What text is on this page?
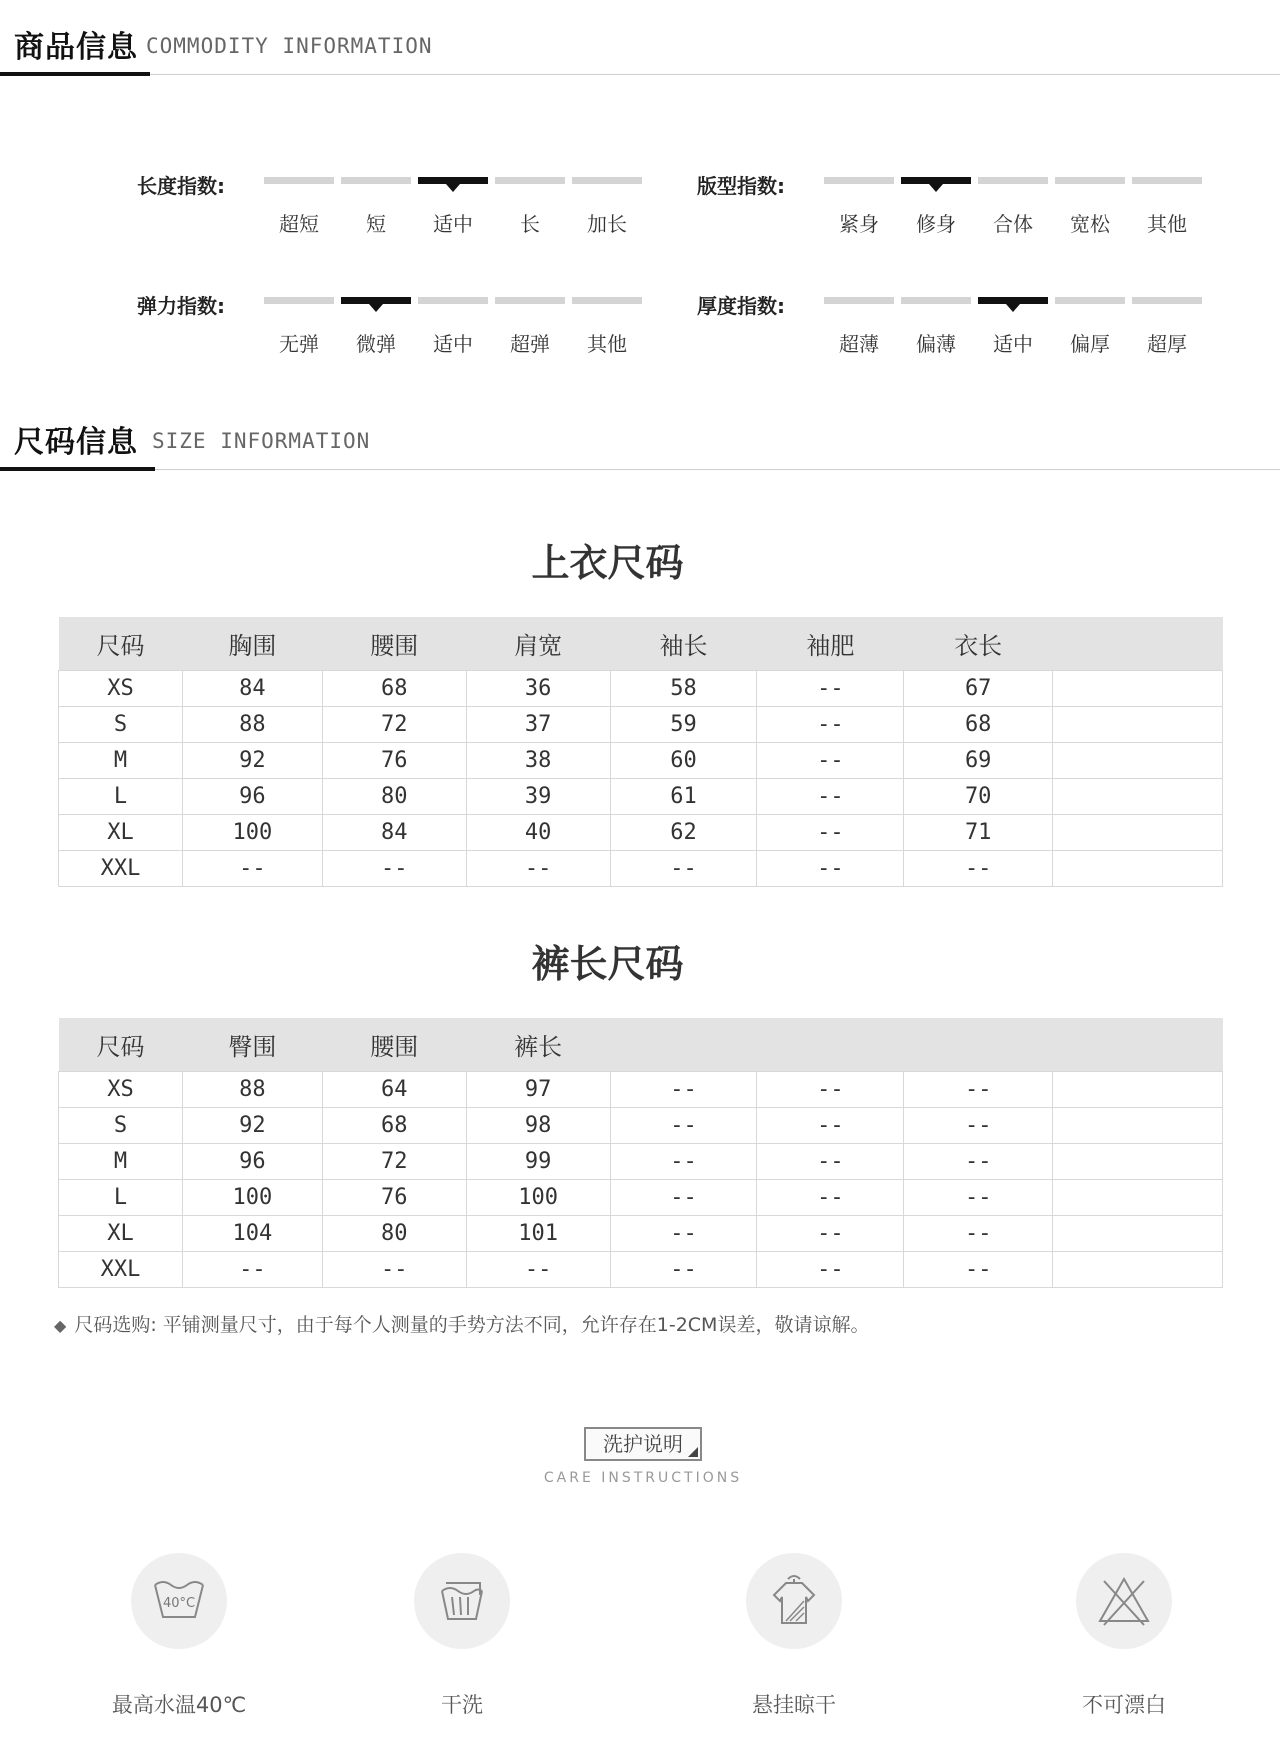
商品信息 COMMODITY INFORMATION
长度指数:
超短	短	适中	长	加长
版型指数:
紧身	修身	合体	宽松	其他
弹力指数:
无弹	微弹	适中	超弹	其他
厚度指数:
超薄	偏薄	适中	偏厚	超厚
尺码信息 SIZE INFORMATION
上衣尺码
尺码	胸围	腰围	肩宽	袖长	袖肥	衣长	
XS	84	68	36	58	--	67	
S	88	72	37	59	--	68	
M	92	76	38	60	--	69	
L	96	80	39	61	--	70	
XL	100	84	40	62	--	71	
XXL	--	--	--	--	--	--	
裤长尺码
尺码	臀围	腰围	裤长				
XS	88	64	97	--	--	--	
S	92	68	98	--	--	--	
M	96	72	99	--	--	--	
L	100	76	100	--	--	--	
XL	104	80	101	--	--	--	
XXL	--	--	--	--	--	--	
◆ 尺码选购: 平铺测量尺寸，由于每个人测量的手势方法不同，允许存在1-2CM误差，敬请谅解。
洗护说明
CARE INSTRUCTIONS
40°C
最高水温40℃	干洗	悬挂晾干	不可漂白
